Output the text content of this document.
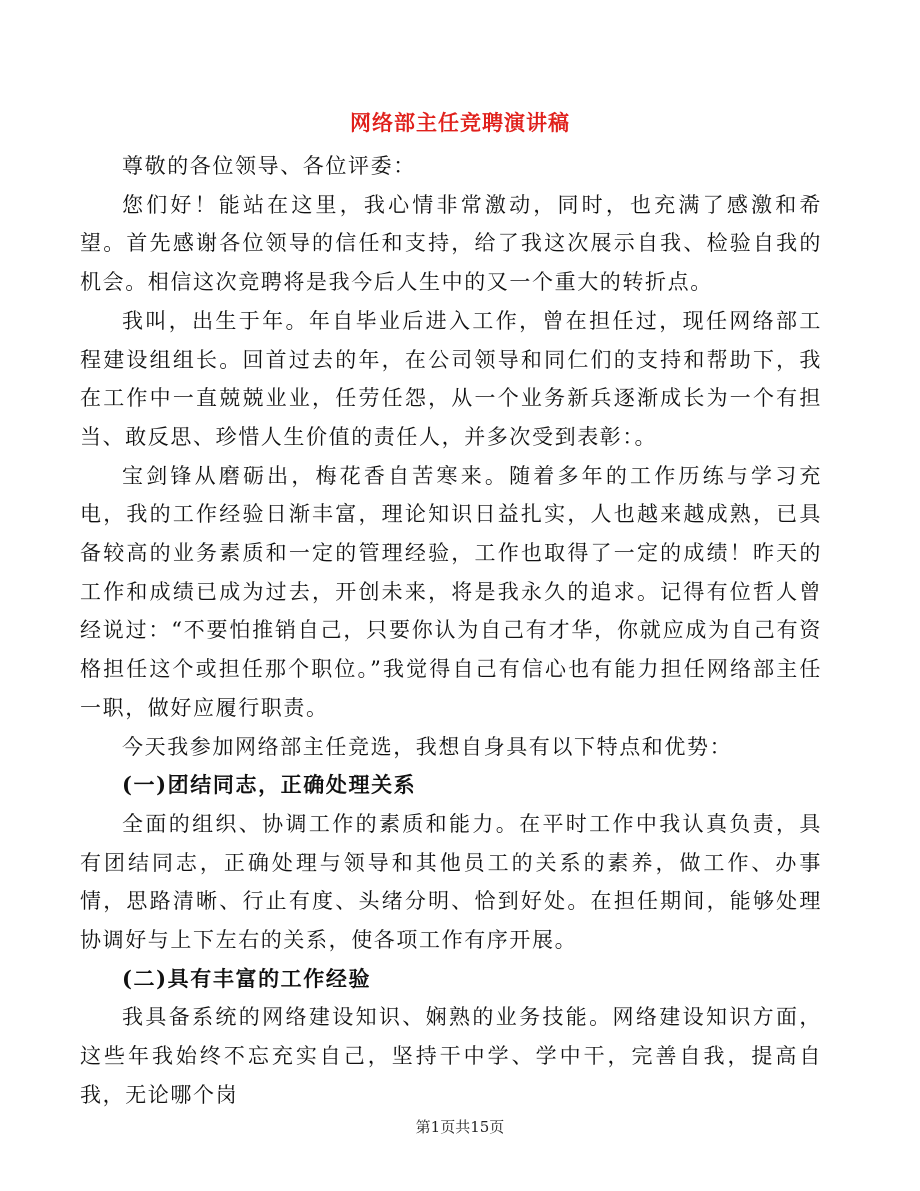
网络部主任竞聘演讲稿

尊敬的各位领导、各位评委：

您们好！能站在这里，我心情非常激动，同时，也充满了感激和希望。首先感谢各位领导的信任和支持，给了我这次展示自我、检验自我的机会。相信这次竞聘将是我今后人生中的又一个重大的转折点。

我叫，出生于年。年自毕业后进入工作，曾在担任过，现任网络部工程建设组组长。回首过去的年，在公司领导和同仁们的支持和帮助下，我在工作中一直兢兢业业，任劳任怨，从一个业务新兵逐渐成长为一个有担当、敢反思、珍惜人生价值的责任人，并多次受到表彰：。

宝剑锋从磨砺出，梅花香自苦寒来。随着多年的工作历练与学习充电，我的工作经验日渐丰富，理论知识日益扎实，人也越来越成熟，已具备较高的业务素质和一定的管理经验，工作也取得了一定的成绩！昨天的工作和成绩已成为过去，开创未来，将是我永久的追求。记得有位哲人曾经说过：“不要怕推销自己，只要你认为自己有才华，你就应成为自己有资格担任这个或担任那个职位。”我觉得自己有信心也有能力担任网络部主任一职，做好应履行职责。

今天我参加网络部主任竞选，我想自身具有以下特点和优势：

(一)团结同志，正确处理关系

全面的组织、协调工作的素质和能力。在平时工作中我认真负责，具有团结同志，正确处理与领导和其他员工的关系的素养，做工作、办事情，思路清晰、行止有度、头绪分明、恰到好处。在担任期间，能够处理协调好与上下左右的关系，使各项工作有序开展。

(二)具有丰富的工作经验

我具备系统的网络建设知识、娴熟的业务技能。网络建设知识方面，这些年我始终不忘充实自己，坚持干中学、学中干，完善自我，提高自我，无论哪个岗

第1页共15页
